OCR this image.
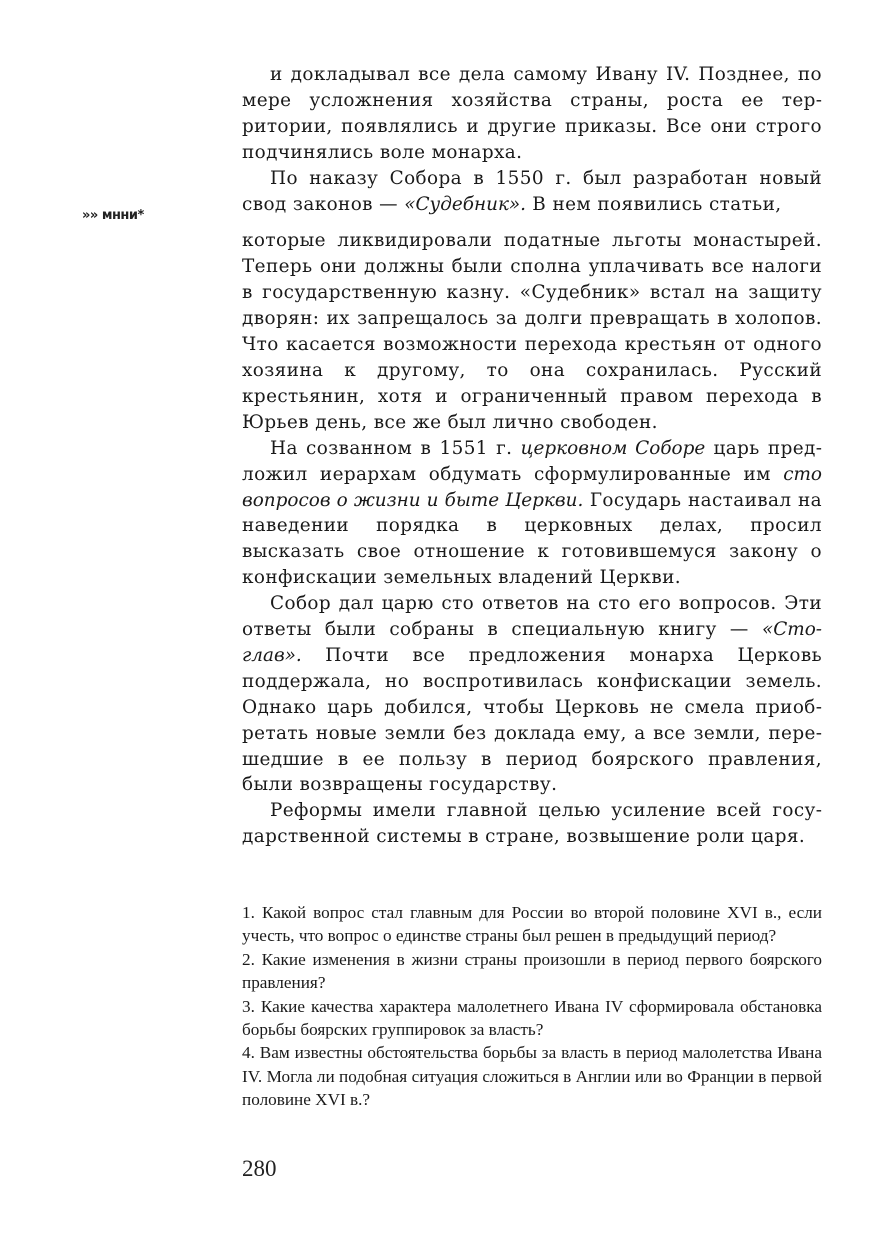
»» мнни*

и докладывал все дела самому Ивану IV. Позднее, по мере усложнения хозяйства страны, роста ее территории, появлялись и другие приказы. Все они строго подчинялись воле монарха.

По наказу Собора в 1550 г. был разработан новый свод законов — «Судебник». В нем появились статьи,

которые ликвидировали податные льготы монастырей. Теперь они должны были сполна уплачивать все налоги в государственную казну. «Судебник» встал на защиту дворян: их запрещалось за долги превращать в холопов. Что касается возможности перехода крестьян от одного хозяина к другому, то она сохранилась. Русский крестьянин, хотя и ограниченный правом перехода в Юрьев день, все же был лично свободен.

На созванном в 1551 г. церковном Соборе царь предложил иерархам обдумать сформулированные им сто вопросов о жизни и быте Церкви. Государь настаивал на наведении порядка в церковных делах, просил высказать свое отношение к готовившемуся закону о конфискации земельных владений Церкви.

Собор дал царю сто ответов на сто его вопросов. Эти ответы были собраны в специальную книгу — «Стоглав». Почти все предложения монарха Церковь поддержала, но воспротивилась конфискации земель. Однако царь добился, чтобы Церковь не смела приобретать новые земли без доклада ему, а все земли, перешедшие в ее пользу в период боярского правления, были возвращены государству.

Реформы имели главной целью усиление всей государственной системы в стране, возвышение роли царя.

1. Какой вопрос стал главным для России во второй половине XVI в., если учесть, что вопрос о единстве страны был решен в предыдущий период?

2. Какие изменения в жизни страны произошли в период первого боярского правления?

3. Какие качества характера малолетнего Ивана IV сформировала обстановка борьбы боярских группировок за власть?

4. Вам известны обстоятельства борьбы за власть в период малолетства Ивана IV. Могла ли подобная ситуация сложиться в Англии или во Франции в первой половине XVI в.?

280
